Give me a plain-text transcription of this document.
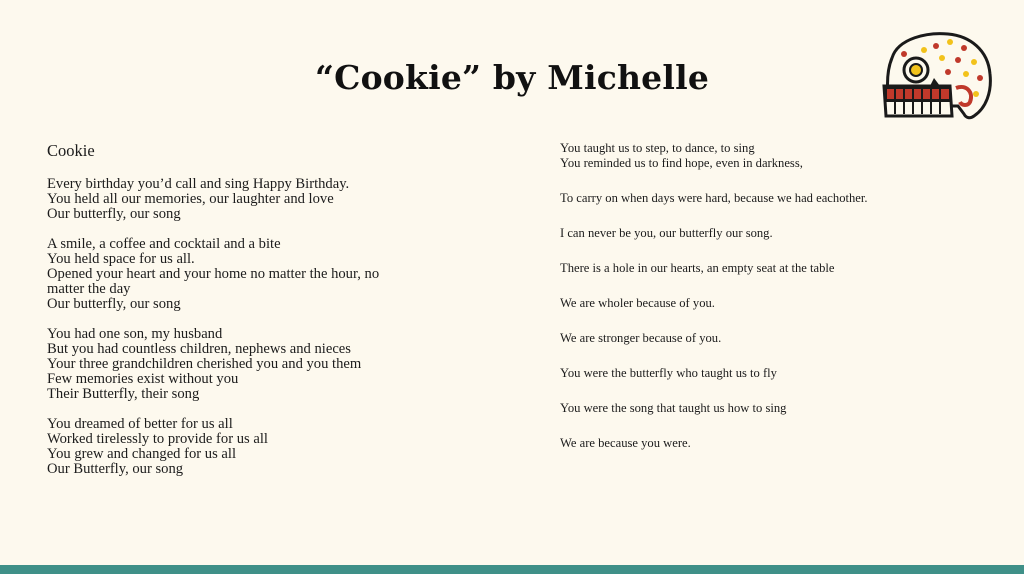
“Cookie” by Michelle
Cookie
Every birthday you’d call and sing Happy Birthday.
You held all our memories, our laughter and love
Our butterfly, our song
A smile, a coffee and cocktail and a bite
You held space for us all.
Opened your heart and your home no matter the hour, no
matter the day
Our butterfly, our song
You had one son, my husband
But you had countless children, nephews and nieces
Your three grandchildren cherished you and you them
Few memories exist without you
Their Butterfly, their song
You dreamed of better for us all
Worked tirelessly to provide for us all
You grew and changed for us all
Our Butterfly, our song
You taught us to step, to dance, to sing
You reminded us to find hope, even in darkness,
To carry on when days were hard, because we had eachother.
I can never be you, our butterfly our song.
There is a hole in our hearts, an empty seat at the table
We are wholer because of you.
We are stronger because of you.
You were the butterfly who taught us to fly
You were the song that taught us how to sing
We are because you were.
